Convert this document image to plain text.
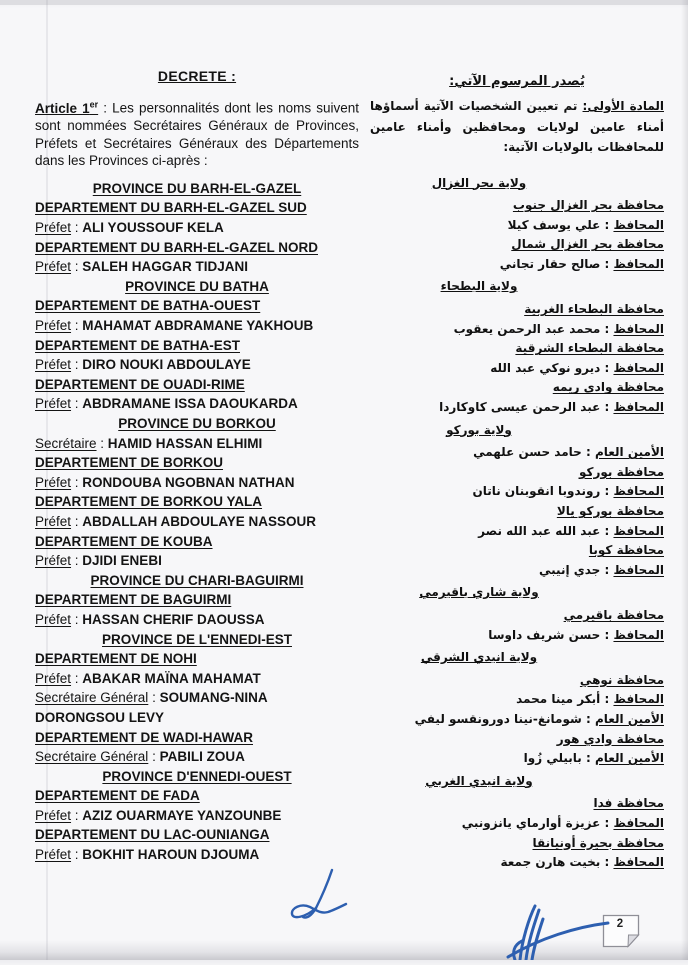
DECRETE :

Article 1er : Les personnalités dont les noms suivent sont nommées Secrétaires Généraux de Provinces, Préfets et Secrétaires Généraux des Départements dans les Provinces ci-après :

PROVINCE DU BARH-EL-GAZEL
DEPARTEMENT DU BARH-EL-GAZEL SUD
Préfet : ALI YOUSSOUF KELA
DEPARTEMENT DU BARH-EL-GAZEL NORD
Préfet : SALEH HAGGAR TIDJANI
PROVINCE DU BATHA
DEPARTEMENT DE BATHA-OUEST
Préfet : MAHAMAT ABDRAMANE YAKHOUB
DEPARTEMENT DE BATHA-EST
Préfet : DIRO NOUKI ABDOULAYE
DEPARTEMENT DE OUADI-RIME
Préfet : ABDRAMANE ISSA DAOUKARDA
PROVINCE DU BORKOU
Secrétaire : HAMID HASSAN ELHIMI
DEPARTEMENT DE BORKOU
Préfet : RONDOUBA NGOBNAN NATHAN
DEPARTEMENT DE BORKOU YALA
Préfet : ABDALLAH ABDOULAYE NASSOUR
DEPARTEMENT DE KOUBA
Préfet : DJIDI ENEBI
PROVINCE DU CHARI-BAGUIRMI
DEPARTEMENT DE BAGUIRMI
Préfet : HASSAN CHERIF DAOUSSA
PROVINCE DE L'ENNEDI-EST
DEPARTEMENT DE NOHI
Préfet : ABAKAR MAÏNA MAHAMAT
Secrétaire Général : SOUMANG-NINA DORONGSOU LEVY
DEPARTEMENT DE WADI-HAWAR
Secrétaire Général : PABILI ZOUA
PROVINCE D'ENNEDI-OUEST
DEPARTEMENT DE FADA
Préfet : AZIZ OUARMAYE YANZOUNBE
DEPARTEMENT DU LAC-OUNIANGA
Préfet : BOKHIT HAROUN DJOUMA
يُصدر المرسوم الآتي:

المادة الأولى: تم تعيين الشخصيات الآتية أسماؤها أمناء عامين لولايات ومحافظين وأمناء عامين للمحافظات بالولايات الآتية:

ولاية بحر الغزال
محافظة بحر الغزال جنوب
المحافظ : علي يوسف كيلا
محافظة بحر الغزال شمال
المحافظ : صالح حقار تجاني
ولاية البطحاء
محافظة البطحاء الغربية
المحافظ : محمد عبد الرحمن يعقوب
محافظة البطحاء الشرقية
المحافظ : ديرو نوكي عبد الله
محافظة وادي ريمه
المحافظ : عبد الرحمن عيسى كاوكاردا
ولاية بوركو
الأمين العام : حامد حسن علهمي
محافظة بوركو
المحافظ : روندوبا انقوبنان ناتان
محافظة بوركو يالا
المحافظ : عبد الله عبد الله نصر
محافظة كوبا
المحافظ : جدي إنيبي
ولاية شاري باقيرمي
محافظة باقيرمي
المحافظ : حسن شريف داوسا
ولاية انيدي الشرقي
محافظة نوهي
المحافظ : أبكر مينا محمد
الأمين العام : شومانغ-نينا دورونقسو ليفي
محافظة وادي هور
الأمين العام : بابيلي زُوا
ولاية انيدي الغربي
محافظة فدا
المحافظ : عزيزة أوارماي يانزونبي
محافظة بحيرة أونيانقا
المحافظ : بخيت هارن جمعة
2
